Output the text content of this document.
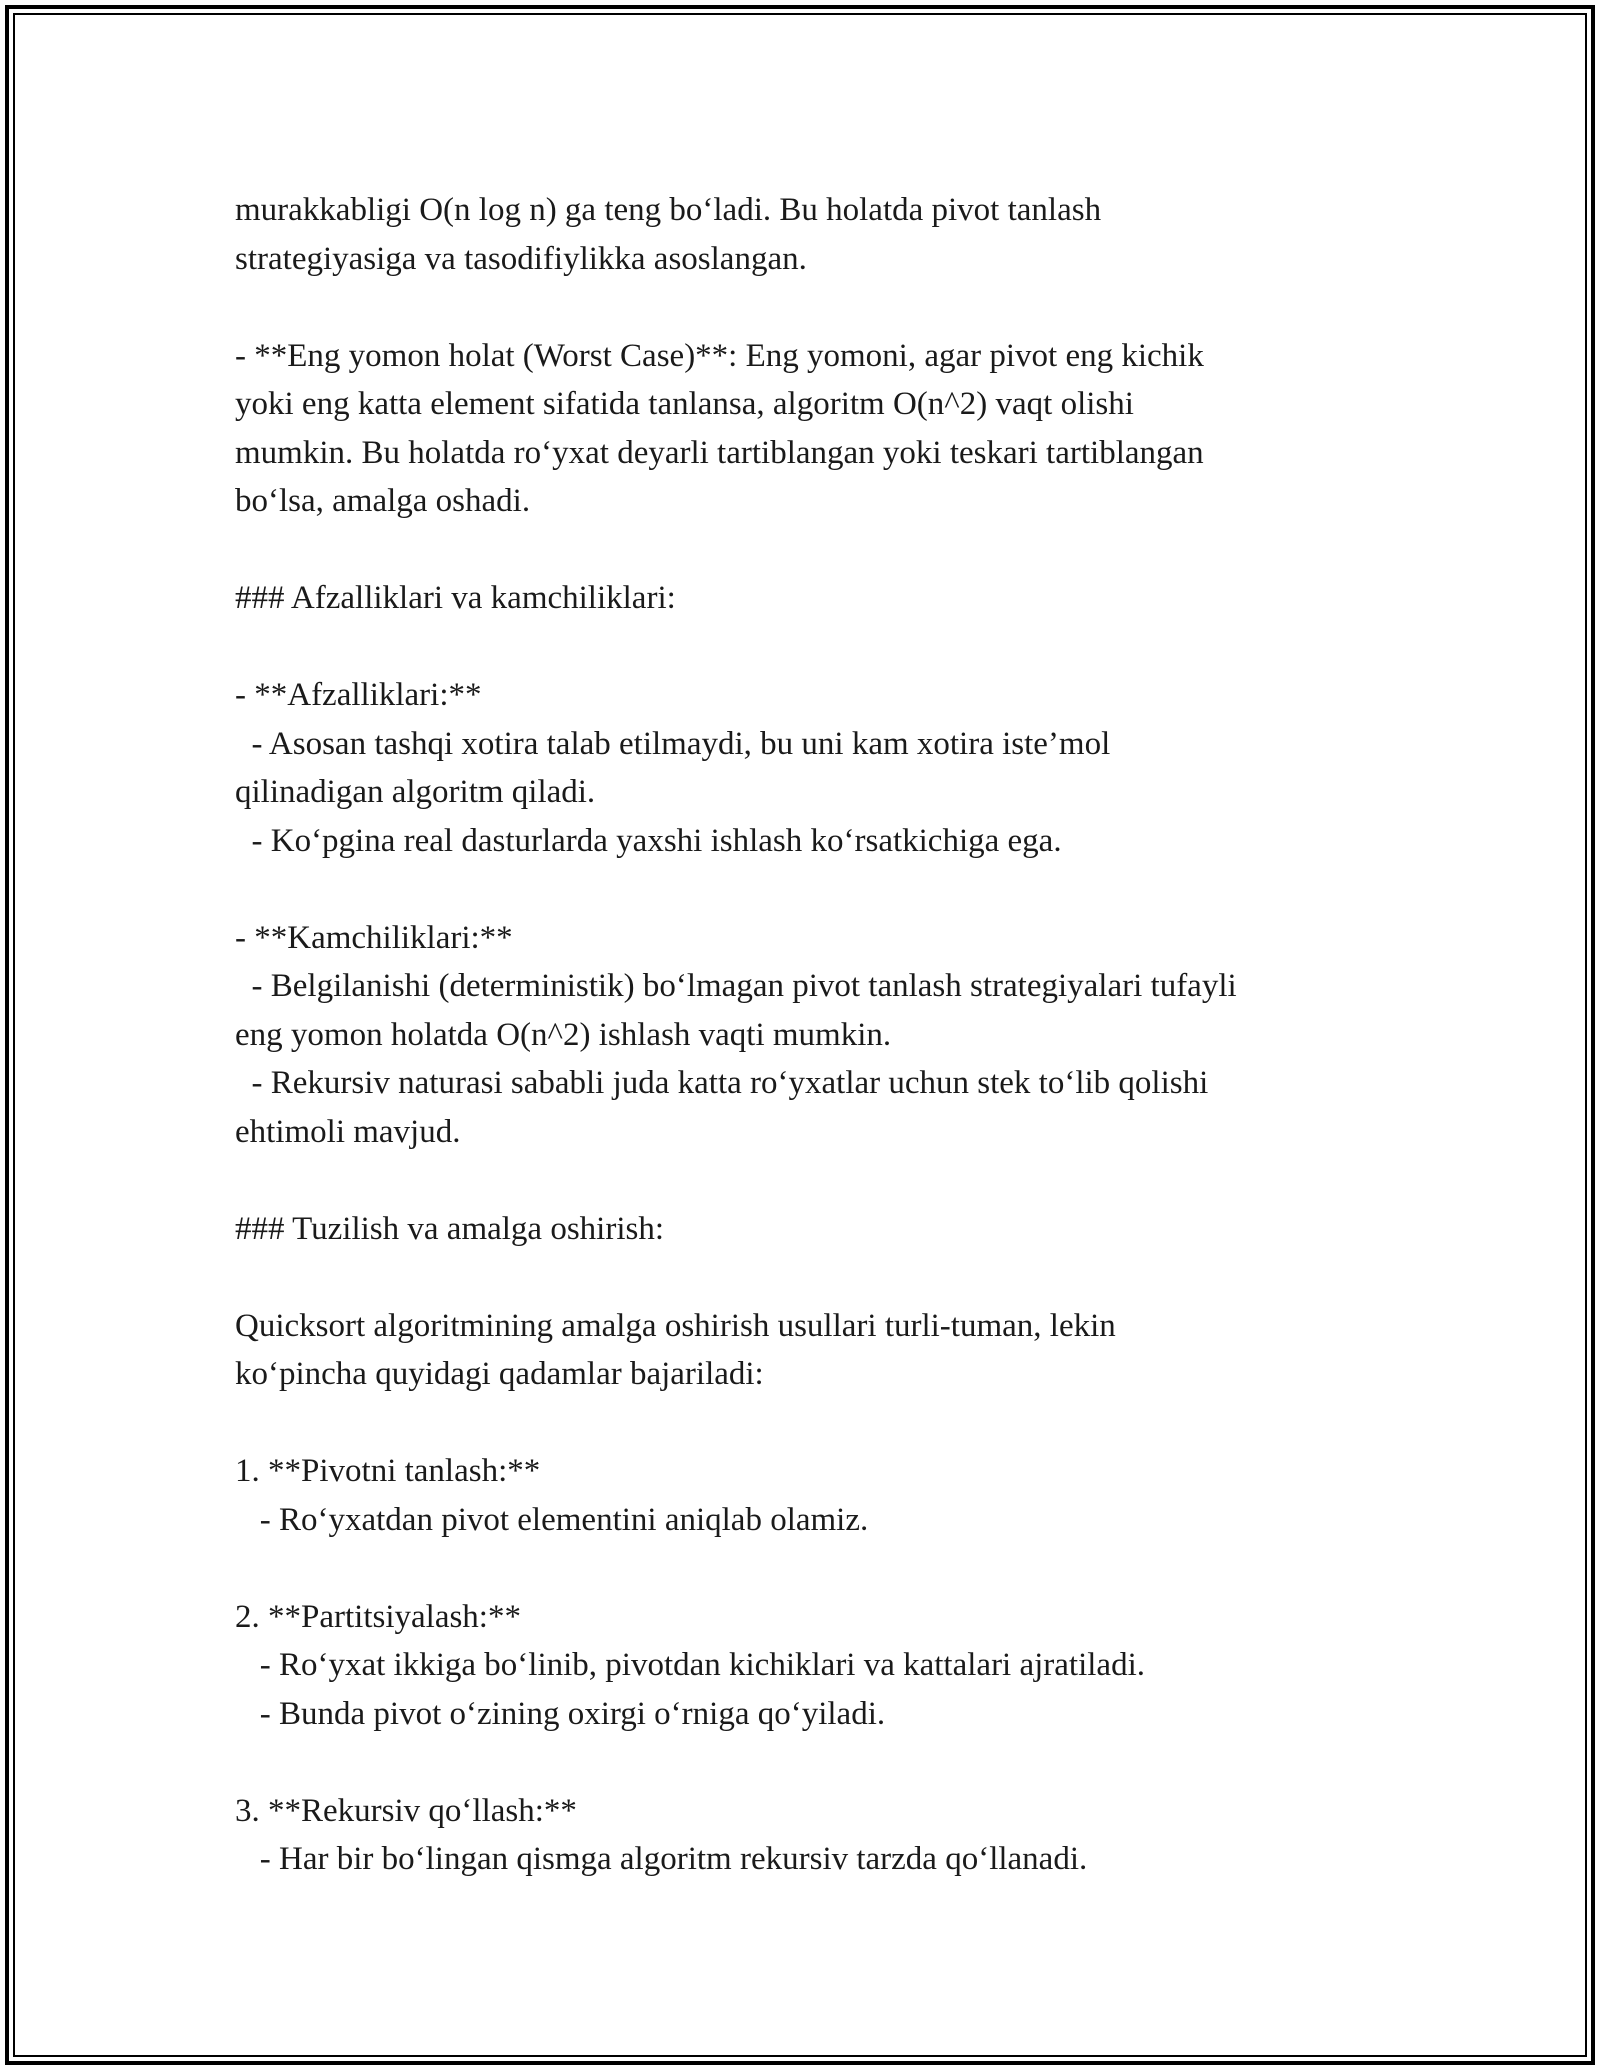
murakkabligi O(n log n) ga teng bo‘ladi. Bu holatda pivot tanlash

strategiyasiga va tasodifiylikka asoslangan.

- **Eng yomon holat (Worst Case)**: Eng yomoni, agar pivot eng kichik

yoki eng katta element sifatida tanlansa, algoritm O(n^2) vaqt olishi

mumkin. Bu holatda ro‘yxat deyarli tartiblangan yoki teskari tartiblangan

bo‘lsa, amalga oshadi.

### Afzalliklari va kamchiliklari:

- **Afzalliklari:**

- Asosan tashqi xotira talab etilmaydi, bu uni kam xotira iste’mol

qilinadigan algoritm qiladi.

- Ko‘pgina real dasturlarda yaxshi ishlash ko‘rsatkichiga ega.

- **Kamchiliklari:**

- Belgilanishi (deterministik) bo‘lmagan pivot tanlash strategiyalari tufayli

eng yomon holatda O(n^2) ishlash vaqti mumkin.

- Rekursiv naturasi sababli juda katta ro‘yxatlar uchun stek to‘lib qolishi

ehtimoli mavjud.

### Tuzilish va amalga oshirish:

Quicksort algoritmining amalga oshirish usullari turli-tuman, lekin

ko‘pincha quyidagi qadamlar bajariladi:

1. **Pivotni tanlash:**

- Ro‘yxatdan pivot elementini aniqlab olamiz.

2. **Partitsiyalash:**

- Ro‘yxat ikkiga bo‘linib, pivotdan kichiklari va kattalari ajratiladi.

- Bunda pivot o‘zining oxirgi o‘rniga qo‘yiladi.

3. **Rekursiv qo‘llash:**

- Har bir bo‘lingan qismga algoritm rekursiv tarzda qo‘llanadi.
